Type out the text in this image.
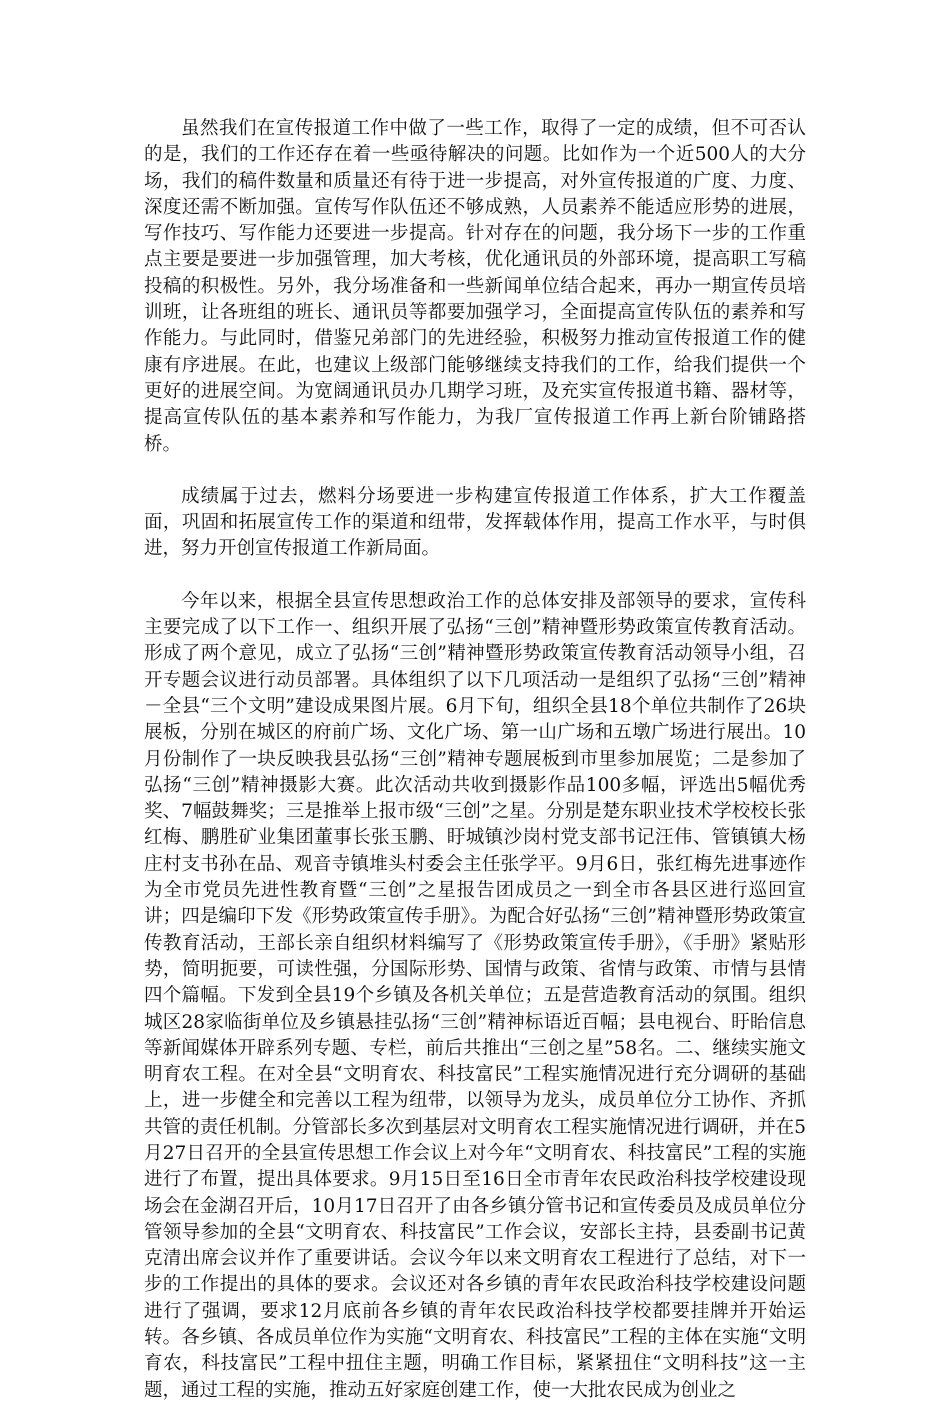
虽然我们在宣传报道工作中做了一些工作，取得了一定的成绩，但不可否认的是，我们的工作还存在着一些亟待解决的问题。比如作为一个近500人的大分场，我们的稿件数量和质量还有待于进一步提高，对外宣传报道的广度、力度、深度还需不断加强。宣传写作队伍还不够成熟，人员素养不能适应形势的进展，写作技巧、写作能力还要进一步提高。针对存在的问题，我分场下一步的工作重点主要是要进一步加强管理，加大考核，优化通讯员的外部环境，提高职工写稿投稿的积极性。另外，我分场准备和一些新闻单位结合起来，再办一期宣传员培训班，让各班组的班长、通讯员等都要加强学习，全面提高宣传队伍的素养和写作能力。与此同时，借鉴兄弟部门的先进经验，积极努力推动宣传报道工作的健康有序进展。在此，也建议上级部门能够继续支持我们的工作，给我们提供一个更好的进展空间。为宽阔通讯员办几期学习班，及充实宣传报道书籍、器材等，提高宣传队伍的基本素养和写作能力，为我厂宣传报道工作再上新台阶铺路搭桥。

成绩属于过去，燃料分场要进一步构建宣传报道工作体系，扩大工作覆盖面，巩固和拓展宣传工作的渠道和纽带，发挥载体作用，提高工作水平，与时俱进，努力开创宣传报道工作新局面。

今年以来，根据全县宣传思想政治工作的总体安排及部领导的要求，宣传科主要完成了以下工作一、组织开展了弘扬“三创”精神暨形势政策宣传教育活动。形成了两个意见，成立了弘扬“三创”精神暨形势政策宣传教育活动领导小组，召开专题会议进行动员部署。具体组织了以下几项活动一是组织了弘扬“三创”精神－全县“三个文明”建设成果图片展。6月下旬，组织全县18个单位共制作了26块展板，分别在城区的府前广场、文化广场、第一山广场和五墩广场进行展出。10月份制作了一块反映我县弘扬“三创”精神专题展板到市里参加展览；二是参加了弘扬“三创”精神摄影大赛。此次活动共收到摄影作品100多幅，评选出5幅优秀奖、7幅鼓舞奖；三是推举上报市级“三创”之星。分别是楚东职业技术学校校长张红梅、鹏胜矿业集团董事长张玉鹏、盱城镇沙岗村党支部书记汪伟、管镇镇大杨庄村支书孙在品、观音寺镇堆头村委会主任张学平。9月6日，张红梅先进事迹作为全市党员先进性教育暨“三创”之星报告团成员之一到全市各县区进行巡回宣讲；四是编印下发《形势政策宣传手册》。为配合好弘扬“三创”精神暨形势政策宣传教育活动，王部长亲自组织材料编写了《形势政策宣传手册》，《手册》紧贴形势，简明扼要，可读性强，分国际形势、国情与政策、省情与政策、市情与县情四个篇幅。下发到全县19个乡镇及各机关单位；五是营造教育活动的氛围。组织城区28家临街单位及乡镇悬挂弘扬“三创”精神标语近百幅；县电视台、盱眙信息等新闻媒体开辟系列专题、专栏，前后共推出“三创之星”58名。二、继续实施文明育农工程。在对全县“文明育农、科技富民”工程实施情况进行充分调研的基础上，进一步健全和完善以工程为纽带，以领导为龙头，成员单位分工协作、齐抓共管的责任机制。分管部长多次到基层对文明育农工程实施情况进行调研，并在5月27日召开的全县宣传思想工作会议上对今年“文明育农、科技富民”工程的实施进行了布置，提出具体要求。9月15日至16日全市青年农民政治科技学校建设现场会在金湖召开后，10月17日召开了由各乡镇分管书记和宣传委员及成员单位分管领导参加的全县“文明育农、科技富民”工作会议，安部长主持，县委副书记黄克清出席会议并作了重要讲话。会议今年以来文明育农工程进行了总结，对下一步的工作提出的具体的要求。会议还对各乡镇的青年农民政治科技学校建设问题进行了强调，要求12月底前各乡镇的青年农民政治科技学校都要挂牌并开始运转。各乡镇、各成员单位作为实施“文明育农、科技富民”工程的主体在实施“文明育农，科技富民”工程中扭住主题，明确工作目标，紧紧扭住“文明科技”这一主题，通过工程的实施，推动五好家庭创建工作，使一大批农民成为创业之
